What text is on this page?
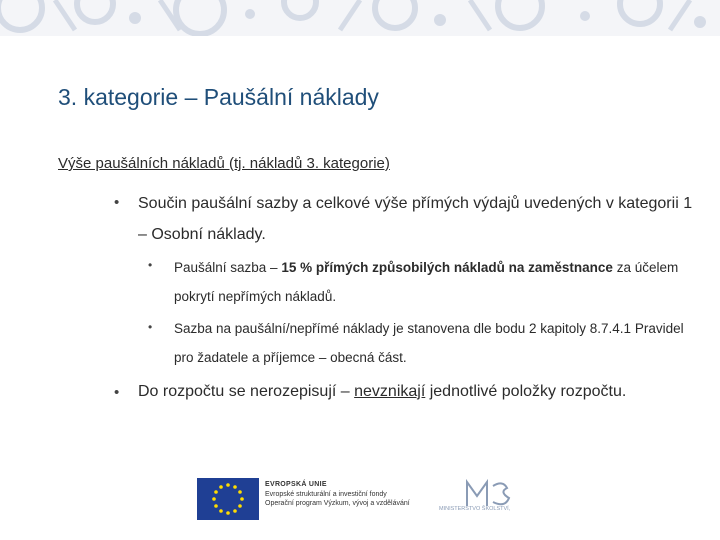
3. kategorie – Paušální náklady
Výše paušálních nákladů (tj. nákladů 3. kategorie)
• Součin paušální sazby a celkové výše přímých výdajů uvedených v kategorii 1 – Osobní náklady.
• Paušální sazba – 15 % přímých způsobilých nákladů na zaměstnance za účelem pokrytí nepřímých nákladů.
• Sazba na paušální/nepřímé náklady je stanovena dle bodu 2 kapitoly 8.7.4.1 Pravidel pro žadatele a příjemce – obecná část.
• Do rozpočtu se nerozepisují – nevznikají jednotlivé položky rozpočtu.
EVROPSKÁ UNIE
Evropské strukturální a investiční fondy
Operační program Výzkum, vývoj a vzdělávání
MINISTERSTVO ŠKOLSTVÍ,
